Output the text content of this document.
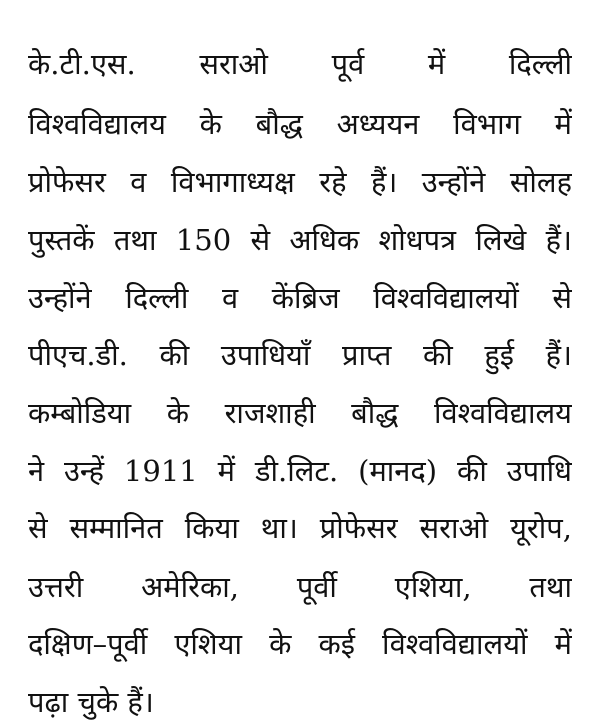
के.टी.एस. सराओ पूर्व में दिल्ली
विश्वविद्यालय के बौद्ध अध्ययन विभाग में
प्रोफेसर व विभागाध्यक्ष रहे हैं। उन्होंने सोलह
पुस्तकें तथा 150 से अधिक शोधपत्र लिखे हैं।
उन्होंने दिल्ली व केंब्रिज विश्वविद्यालयों से
पीएच.डी. की उपाधियाँ प्राप्त की हुई हैं।
कम्बोडिया के राजशाही बौद्ध विश्वविद्यालय
ने उन्हें 1911 में डी.लिट. (मानद) की उपाधि
से सम्मानित किया था। प्रोफेसर सराओ यूरोप,
उत्तरी अमेरिका, पूर्वी एशिया, तथा
दक्षिण–पूर्वी एशिया के कई विश्वविद्यालयों में
पढ़ा चुके हैं।
